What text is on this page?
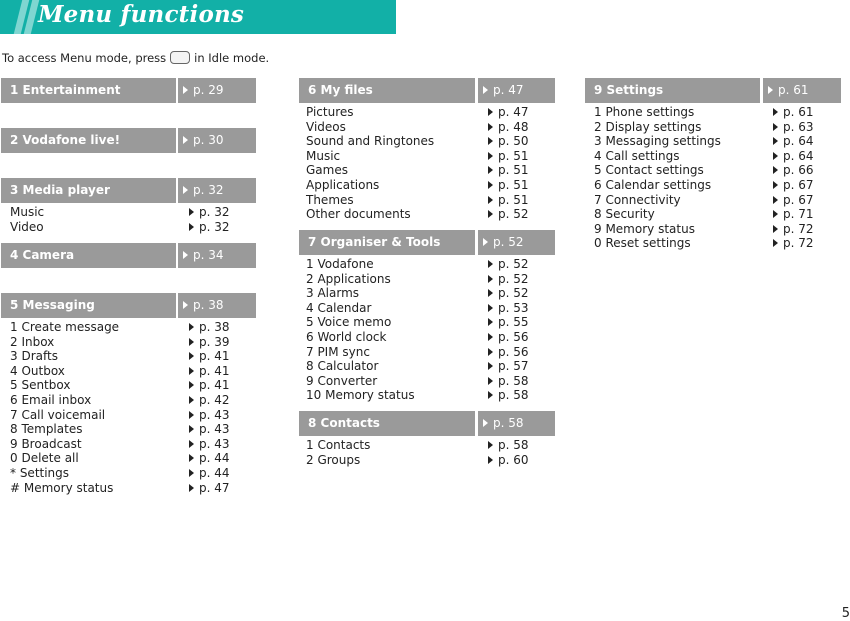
Menu functions
To access Menu mode, press in Idle mode.
1 Entertainment	p. 29
2 Vodafone live!	p. 30
3 Media player	p. 32
Music	p. 32
Video	p. 32
4 Camera	p. 34
5 Messaging	p. 38
1 Create message	p. 38
2 Inbox	p. 39
3 Drafts	p. 41
4 Outbox	p. 41
5 Sentbox	p. 41
6 Email inbox	p. 42
7 Call voicemail	p. 43
8 Templates	p. 43
9 Broadcast	p. 43
0 Delete all	p. 44
* Settings	p. 44
# Memory status	p. 47
6 My files	p. 47
Pictures	p. 47
Videos	p. 48
Sound and Ringtones	p. 50
Music	p. 51
Games	p. 51
Applications	p. 51
Themes	p. 51
Other documents	p. 52
7 Organiser & Tools	p. 52
1 Vodafone	p. 52
2 Applications	p. 52
3 Alarms	p. 52
4 Calendar	p. 53
5 Voice memo	p. 55
6 World clock	p. 56
7 PIM sync	p. 56
8 Calculator	p. 57
9 Converter	p. 58
10 Memory status	p. 58
8 Contacts	p. 58
1 Contacts	p. 58
2 Groups	p. 60
9 Settings	p. 61
1 Phone settings	p. 61
2 Display settings	p. 63
3 Messaging settings	p. 64
4 Call settings	p. 64
5 Contact settings	p. 66
6 Calendar settings	p. 67
7 Connectivity	p. 67
8 Security	p. 71
9 Memory status	p. 72
0 Reset settings	p. 72
5
